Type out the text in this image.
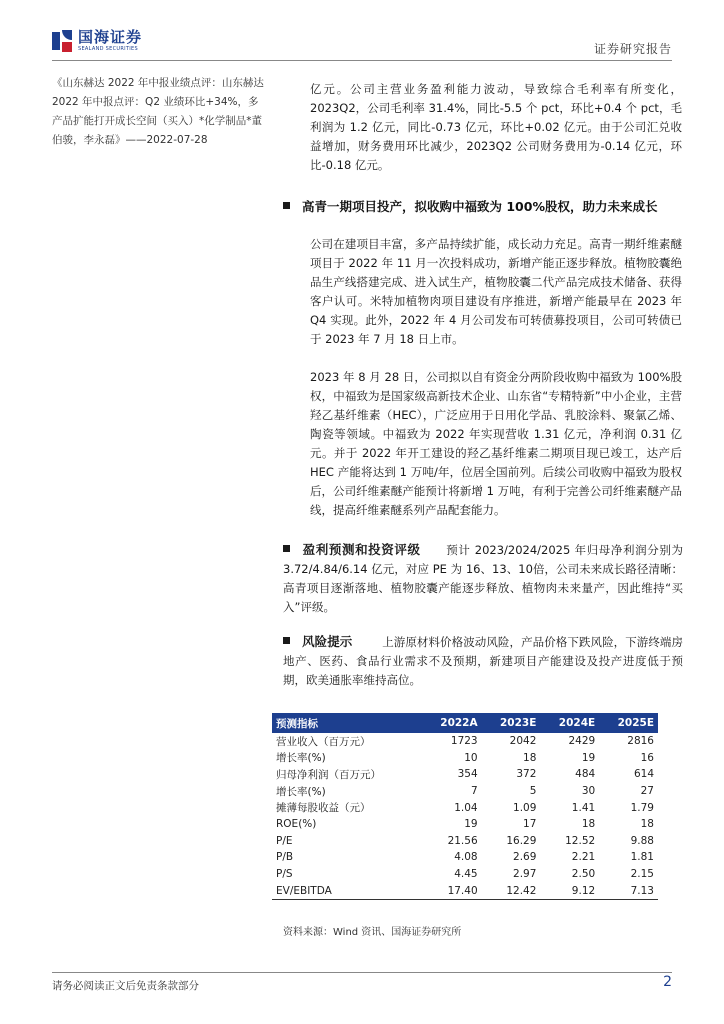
国海证券
SEALAND SECURITIES	证券研究报告
《山东赫达 2022 年中报业绩点评：山东赫达 2022 年中报点评：Q2 业绩环比+34%，多产品扩能打开成长空间（买入）*化学制品*董伯骏，李永磊》——2022-07-28
亿元。公司主营业务盈利能力波动，导致综合毛利率有所变化，2023Q2，公司毛利率 31.4%，同比-5.5 个 pct，环比+0.4 个 pct，毛利润为 1.2 亿元，同比-0.73 亿元，环比+0.02 亿元。由于公司汇兑收益增加，财务费用环比减少，2023Q2 公司财务费用为-0.14 亿元，环比-0.18 亿元。
高青一期项目投产，拟收购中福致为 100%股权，助力未来成长
公司在建项目丰富，多产品持续扩能，成长动力充足。高青一期纤维素醚项目于 2022 年 11 月一次投料成功，新增产能正逐步释放。植物胶囊绝品生产线搭建完成、进入试生产，植物胶囊二代产品完成技术储备、获得客户认可。米特加植物肉项目建设有序推进，新增产能最早在 2023 年 Q4 实现。此外，2022 年 4 月公司发布可转债募投项目，公司可转债已于 2023 年 7 月 18 日上市。
2023 年 8 月 28 日，公司拟以自有资金分两阶段收购中福致为 100%股权，中福致为是国家级高新技术企业、山东省“专精特新”中小企业，主营羟乙基纤维素（HEC），广泛应用于日用化学品、乳胶涂料、聚氯乙烯、陶瓷等领域。中福致为 2022 年实现营收 1.31 亿元，净利润 0.31 亿元。并于 2022 年开工建设的羟乙基纤维素二期项目现已竣工，达产后 HEC 产能将达到 1 万吨/年，位居全国前列。后续公司收购中福致为股权后，公司纤维素醚产能预计将新增 1 万吨，有利于完善公司纤维素醚产品线，提高纤维素醚系列产品配套能力。
盈利预测和投资评级 预计 2023/2024/2025 年归母净利润分别为 3.72/4.84/6.14 亿元，对应 PE 为 16、13、10倍，公司未来成长路径清晰：高青项目逐渐落地、植物胶囊产能逐步释放、植物肉未来量产，因此维持“买入”评级。
风险提示	上游原材料价格波动风险，产品价格下跌风险，下游终端房地产、医药、食品行业需求不及预期，新建项目产能建设及投产进度低于预期，欧美通胀率维持高位。
预测指标	2022A	2023E	2024E	2025E
营业收入（百万元）	1723	2042	2429	2816
增长率(%)	10	18	19	16
归母净利润（百万元）	354	372	484	614
增长率(%)	7	5	30	27
摊薄每股收益（元）	1.04	1.09	1.41	1.79
ROE(%)	19	17	18	18
P/E	21.56	16.29	12.52	9.88
P/B	4.08	2.69	2.21	1.81
P/S	4.45	2.97	2.50	2.15
EV/EBITDA	17.40	12.42	9.12	7.13
资料来源：Wind 资讯、国海证券研究所
请务必阅读正文后免责条款部分	2
